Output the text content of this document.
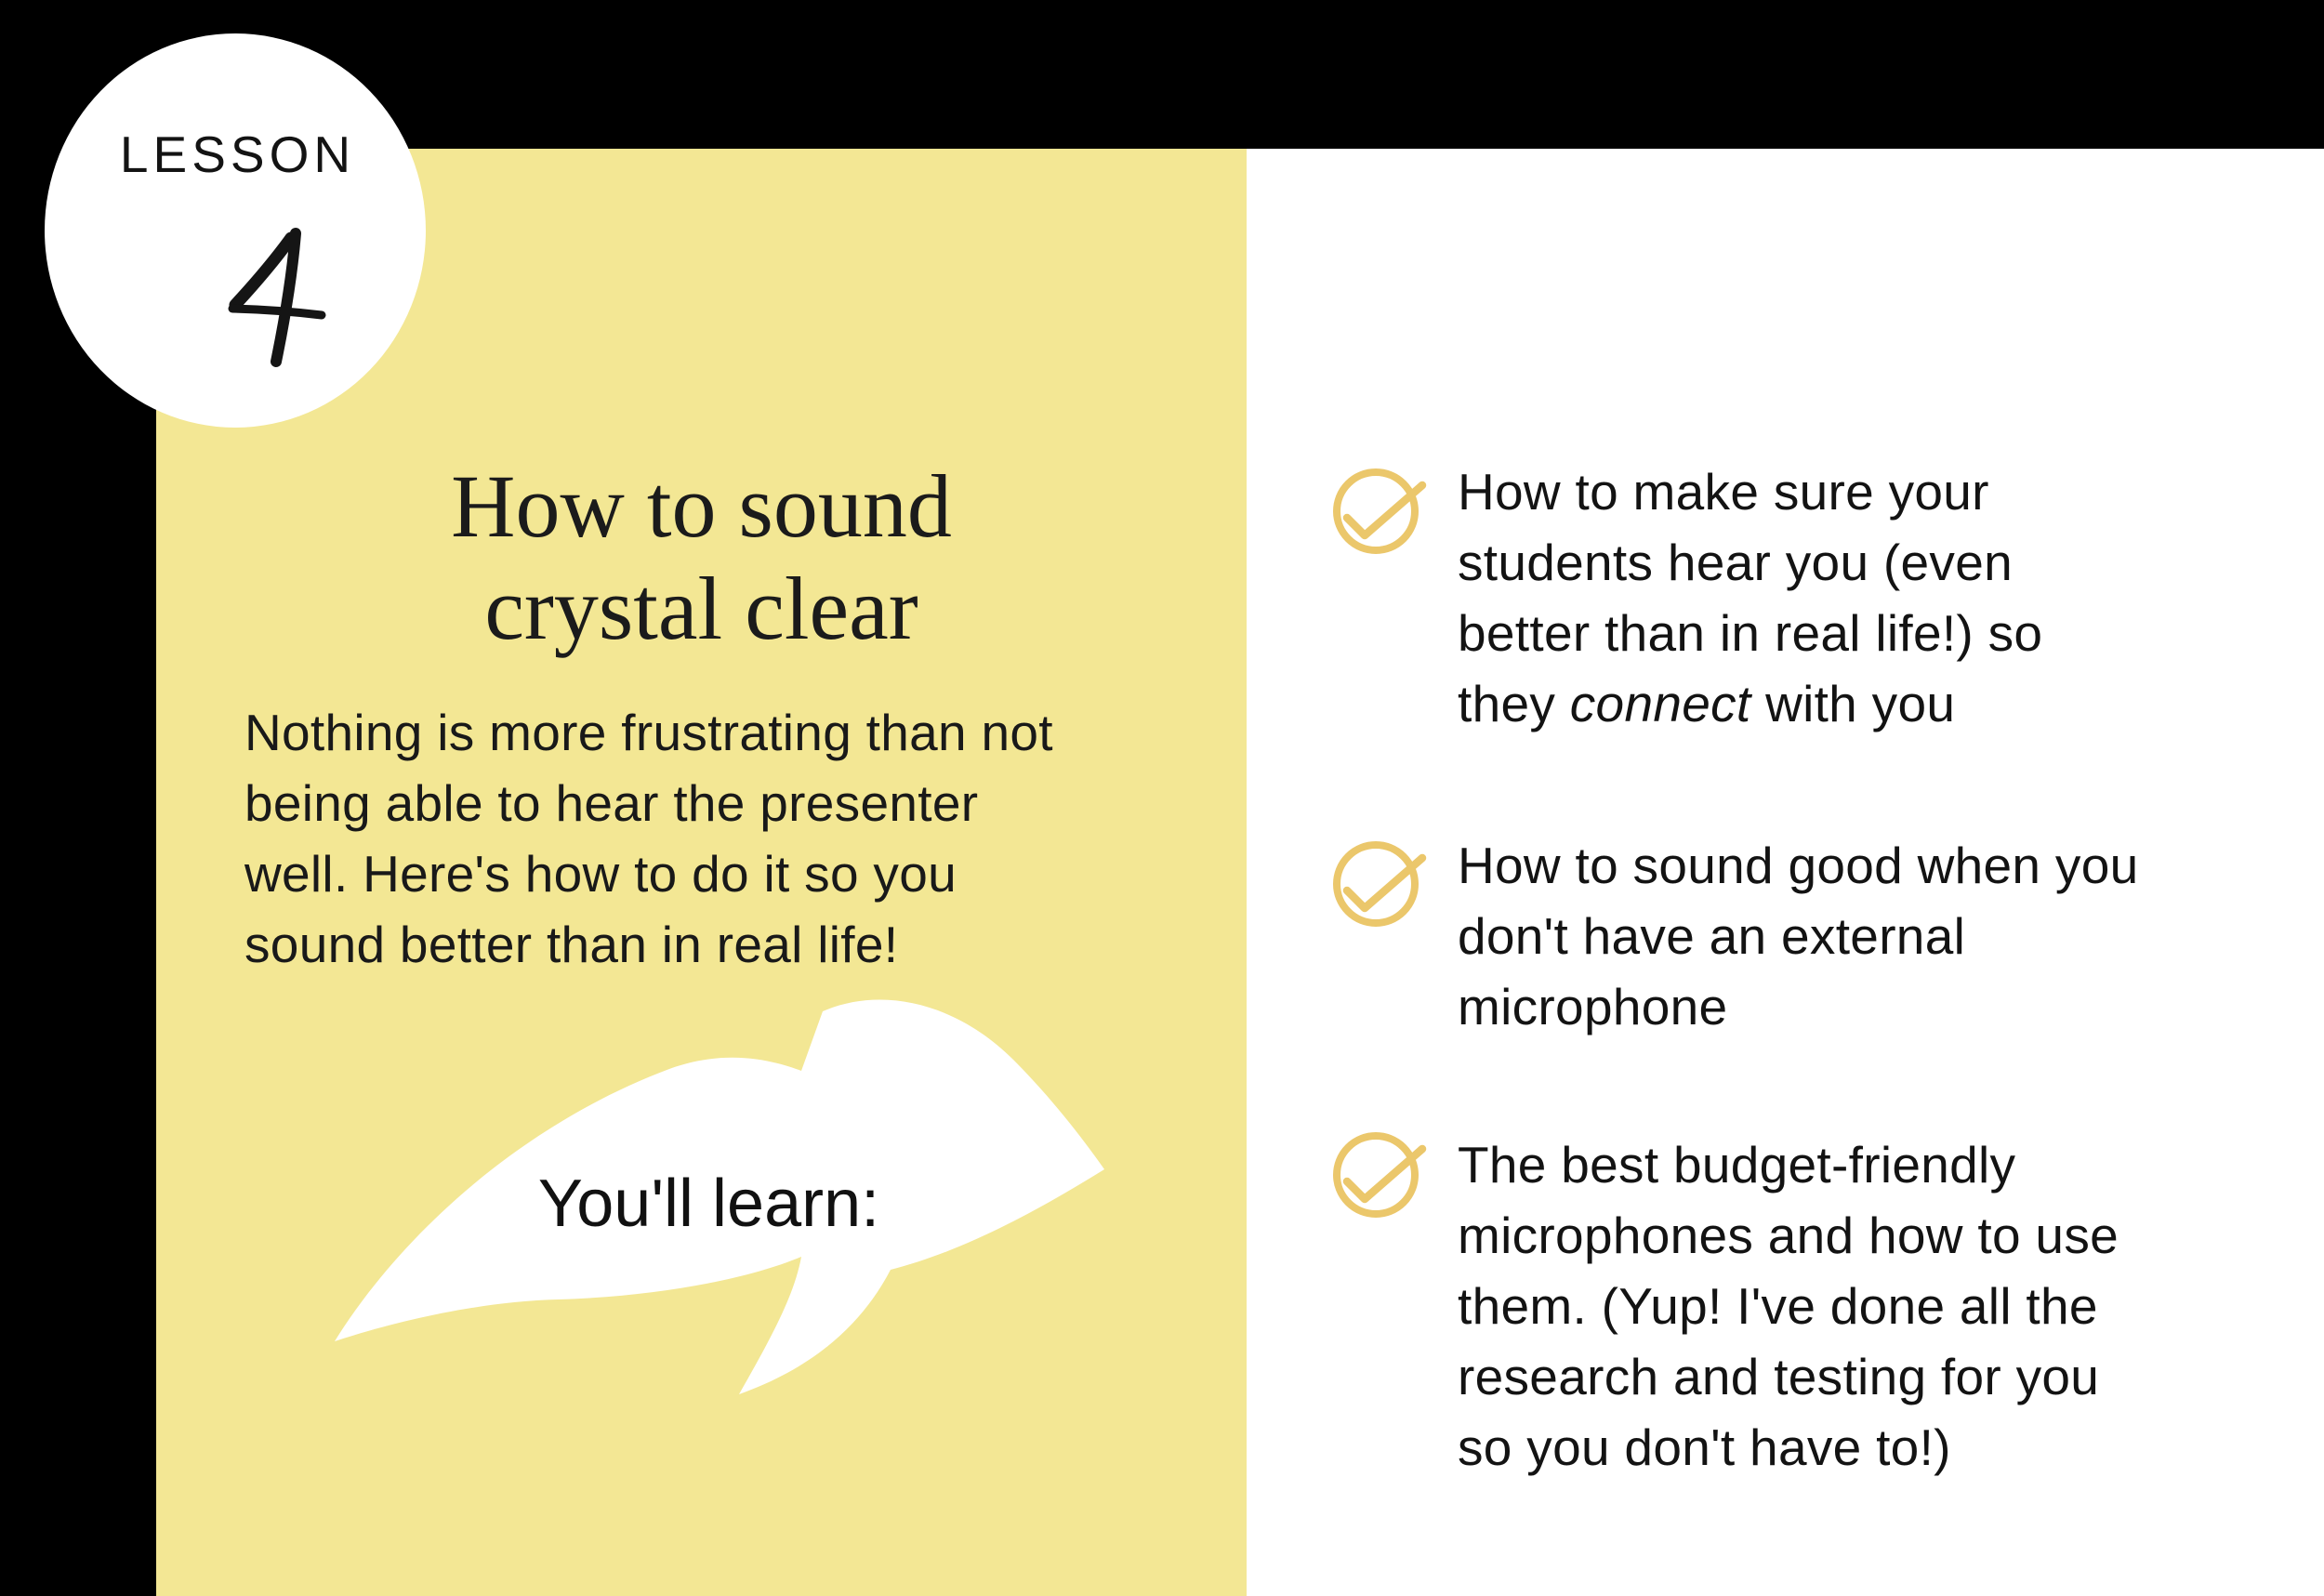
How to sound
crystal clear
Nothing is more frustrating than not
being able to hear the presenter
well. Here's how to do it so you
sound better than in real life!
You'll learn:
How to make sure your
students hear you (even
better than in real life!) so
they connect with you
How to sound good when you
don't have an external
microphone
The best budget-friendly
microphones and how to use
them. (Yup! I've done all the
research and testing for you
so you don't have to!)
LESSON
